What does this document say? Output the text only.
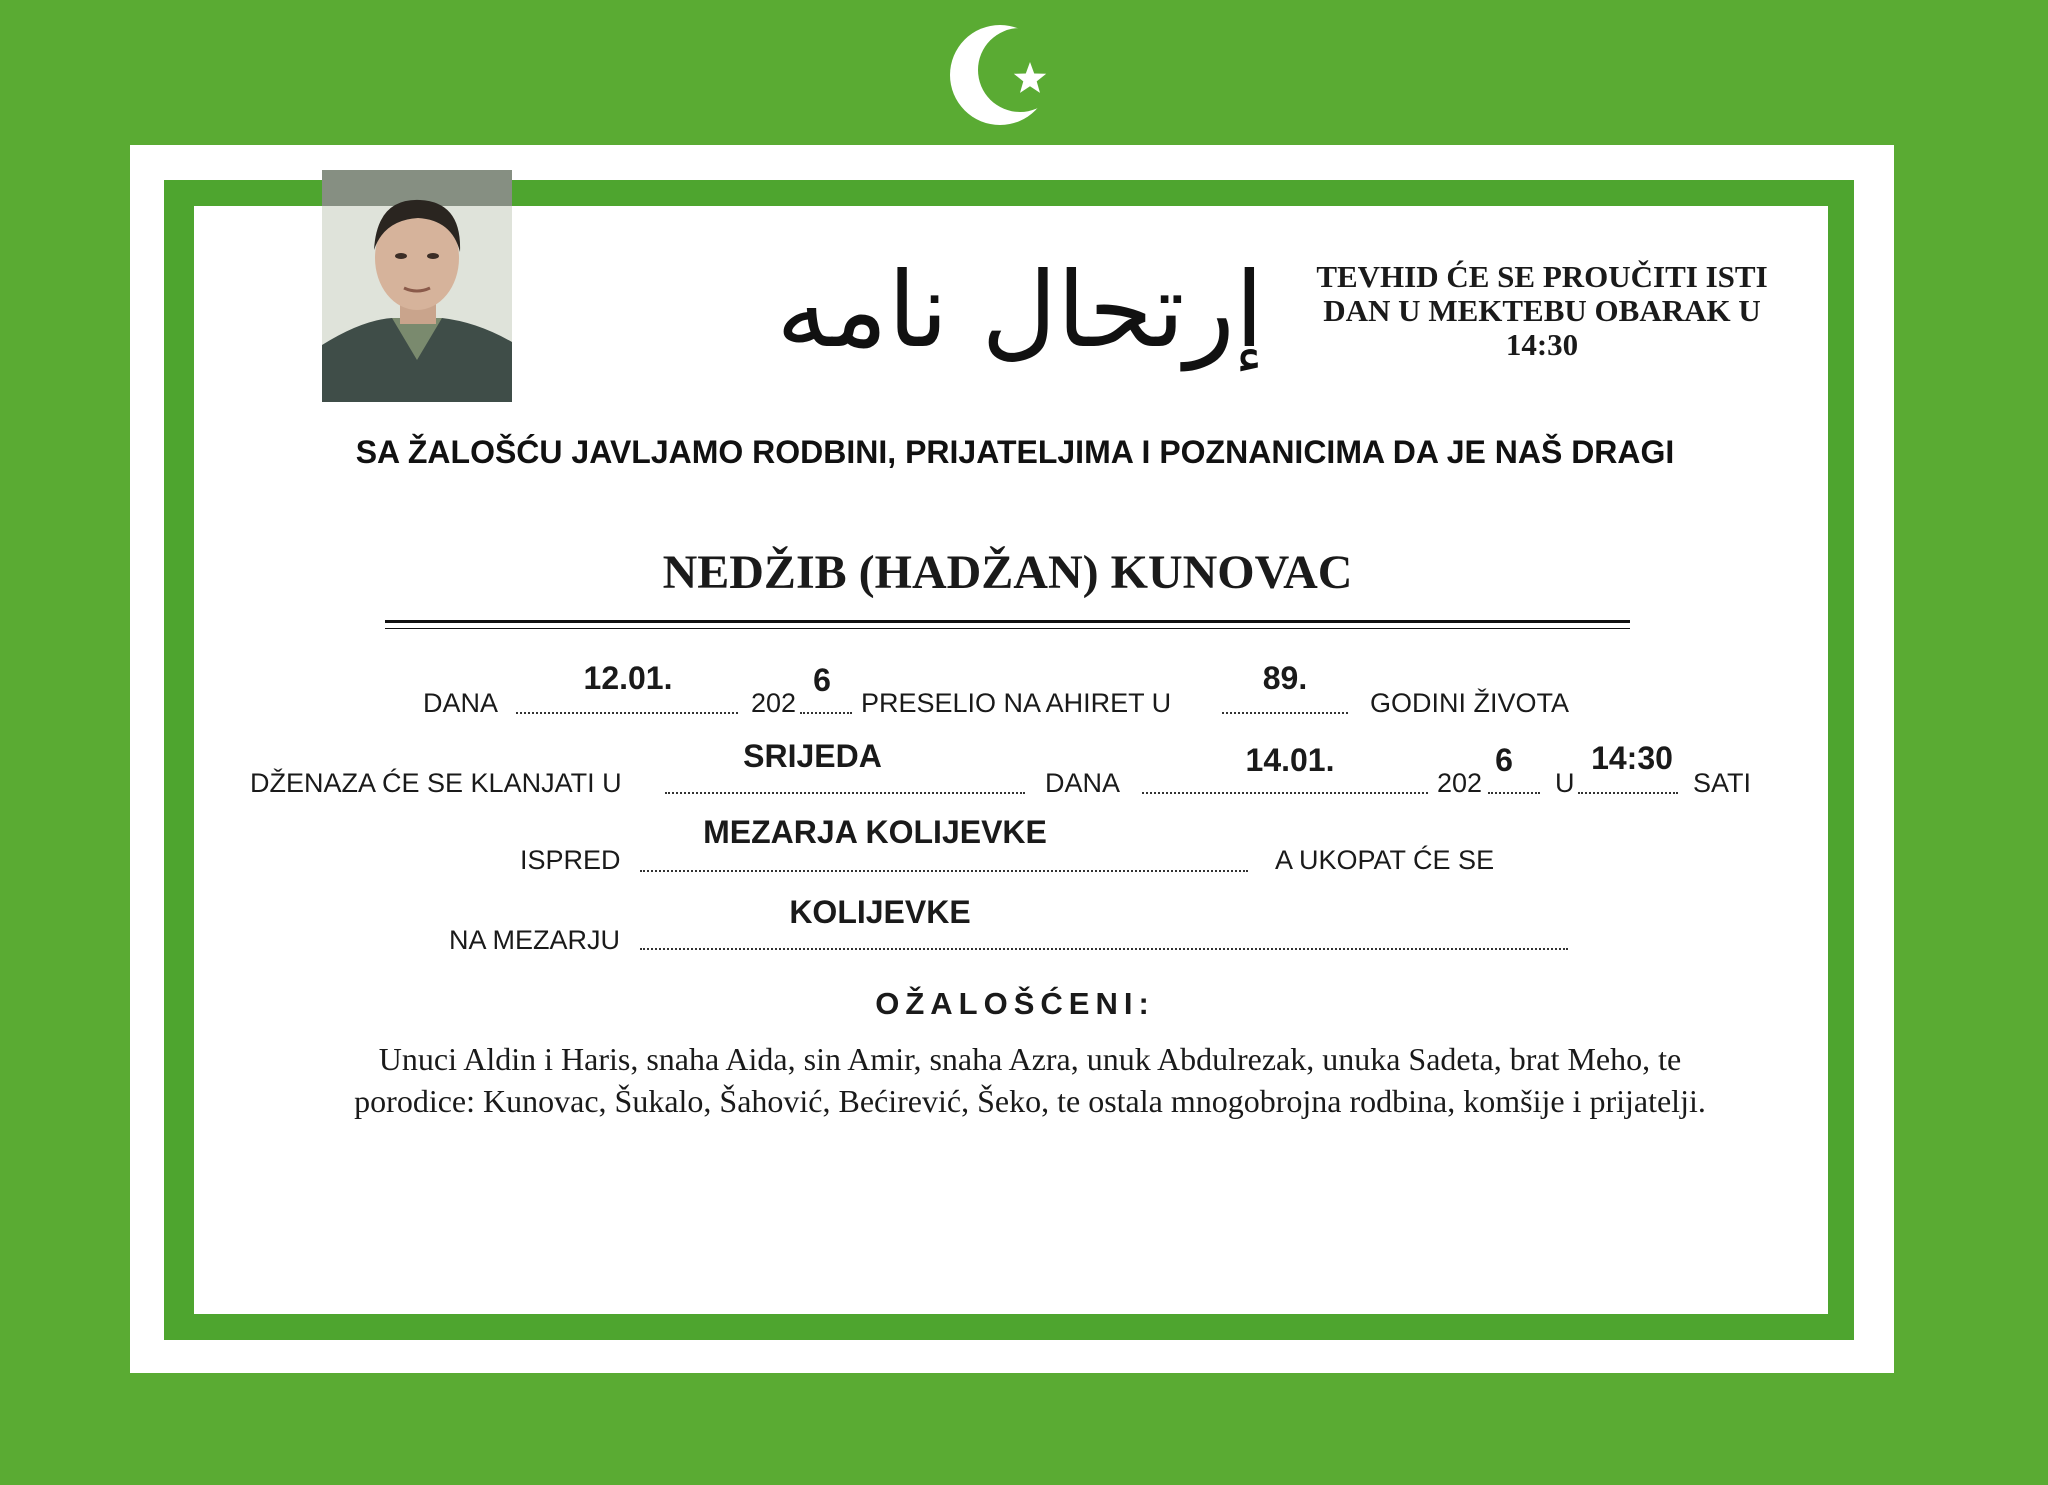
إرتحال نامه	TEVHID ĆE SE PROUČITI ISTI
DAN U MEKTEBU OBARAK U
14:30
SA ŽALOŠĆU JAVLJAMO RODBINI, PRIJATELJIMA I POZNANICIMA DA JE NAŠ DRAGI
NEDŽIB (HADŽAN) KUNOVAC
DANA
12.01.
202
6
PRESELIO NA AHIRET U
89.
GODINI ŽIVOTA
DŽENAZA ĆE SE KLANJATI U
SRIJEDA
DANA
14.01.
202
6
U
14:30
SATI
ISPRED
MEZARJA KOLIJEVKE
A UKOPAT ĆE SE
NA MEZARJU
KOLIJEVKE
OŽALOŠĆENI:
Unuci Aldin i Haris, snaha Aida, sin Amir, snaha Azra, unuk Abdulrezak, unuka Sadeta, brat Meho, te
porodice: Kunovac, Šukalo, Šahović, Bećirević, Šeko, te ostala mnogobrojna rodbina, komšije i prijatelji.
